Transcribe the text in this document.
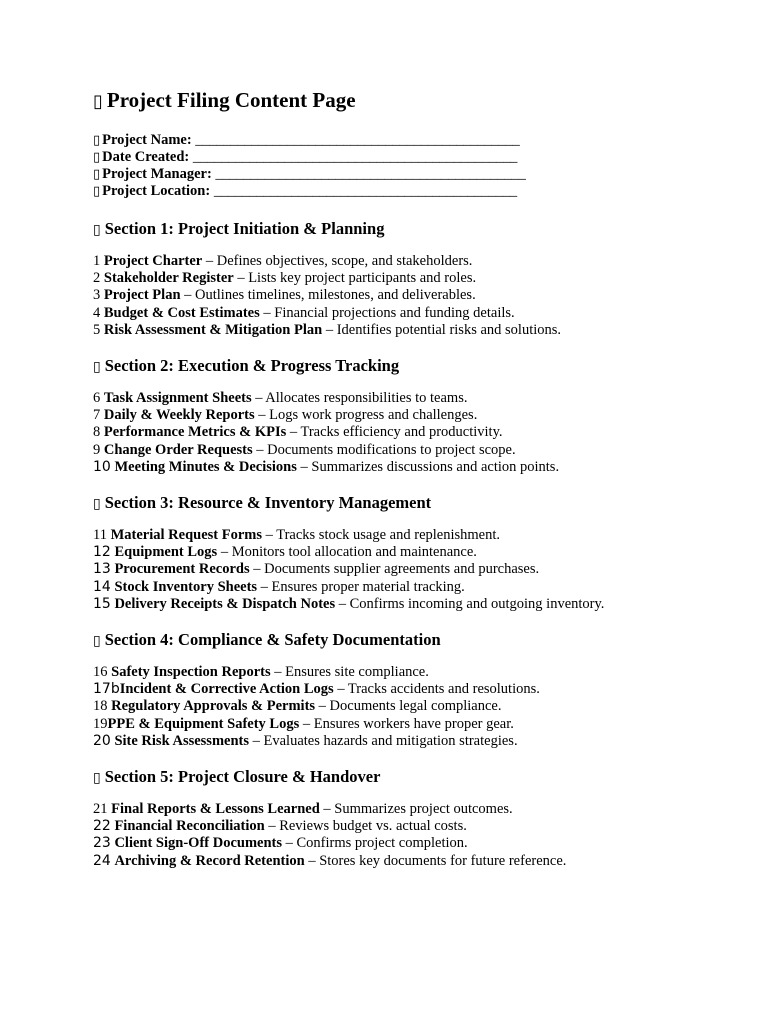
▯ Project Filing Content Page
▯ Project Name: ______________________________________________
▯ Date Created: ______________________________________________
▯ Project Manager: ____________________________________________
▯ Project Location: ___________________________________________
▯ Section 1: Project Initiation & Planning
1 Project Charter – Defines objectives, scope, and stakeholders.
2 Stakeholder Register – Lists key project participants and roles.
3 Project Plan – Outlines timelines, milestones, and deliverables.
4 Budget & Cost Estimates – Financial projections and funding details.
5 Risk Assessment & Mitigation Plan – Identifies potential risks and solutions.
▯ Section 2: Execution & Progress Tracking
6 Task Assignment Sheets – Allocates responsibilities to teams.
7 Daily & Weekly Reports – Logs work progress and challenges.
8 Performance Metrics & KPIs – Tracks efficiency and productivity.
9 Change Order Requests – Documents modifications to project scope.
10 Meeting Minutes & Decisions – Summarizes discussions and action points.
▯ Section 3: Resource & Inventory Management
11 Material Request Forms – Tracks stock usage and replenishment.
12 Equipment Logs – Monitors tool allocation and maintenance.
13 Procurement Records – Documents supplier agreements and purchases.
14 Stock Inventory Sheets – Ensures proper material tracking.
15 Delivery Receipts & Dispatch Notes – Confirms incoming and outgoing inventory.
▯ Section 4: Compliance & Safety Documentation
16 Safety Inspection Reports – Ensures site compliance.
17bIncident & Corrective Action Logs – Tracks accidents and resolutions.
18 Regulatory Approvals & Permits – Documents legal compliance.
19PPE & Equipment Safety Logs – Ensures workers have proper gear.
20 Site Risk Assessments – Evaluates hazards and mitigation strategies.
▯ Section 5: Project Closure & Handover
21 Final Reports & Lessons Learned – Summarizes project outcomes.
22 Financial Reconciliation – Reviews budget vs. actual costs.
23 Client Sign-Off Documents – Confirms project completion.
24 Archiving & Record Retention – Stores key documents for future reference.
